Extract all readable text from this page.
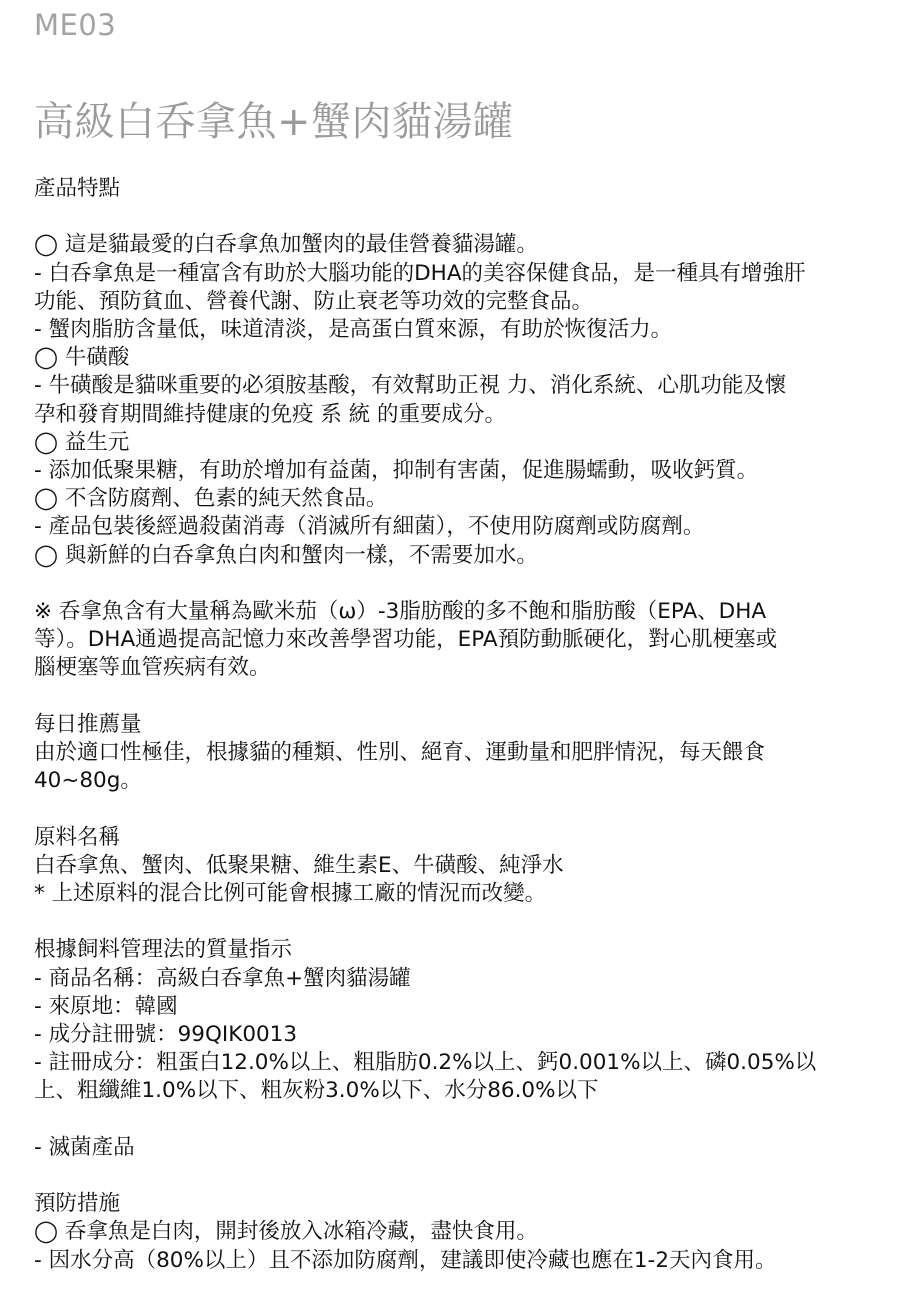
ME03
高級白呑拿魚+蟹肉貓湯罐

產品特點

◯ 這是貓最愛的白呑拿魚加蟹肉的最佳營養貓湯罐。

- 白呑拿魚是一種富含有助於大腦功能的DHA的美容保健食品，是一種具有增強肝

功能、預防貧血、營養代謝、防止衰老等功效的完整食品。

- 蟹肉脂肪含量低，味道清淡，是高蛋白質來源，有助於恢復活力。

◯ 牛磺酸

- 牛磺酸是貓咪重要的必須胺基酸，有效幫助正視 力、消化系統、心肌功能及懷

孕和發育期間維持健康的免疫 系 統 的重要成分。

◯ 益生元

- 添加低聚果糖，有助於增加有益菌，抑制有害菌，促進腸蠕動，吸收鈣質。

◯ 不含防腐劑、色素的純天然食品。

- 產品包裝後經過殺菌消毒（消滅所有細菌），不使用防腐劑或防腐劑。

◯ 與新鮮的白呑拿魚白肉和蟹肉一樣，不需要加水。

※ 呑拿魚含有大量稱為歐米茄（ω）-3脂肪酸的多不飽和脂肪酸（EPA、DHA

等）。DHA通過提高記憶力來改善學習功能，EPA預防動脈硬化，對心肌梗塞或

腦梗塞等血管疾病有效。

每日推薦量

由於適口性極佳，根據貓的種類、性別、絕育、運動量和肥胖情況，每天餵食

40~80g。

原料名稱

白呑拿魚、蟹肉、低聚果糖、維生素E、牛磺酸、純淨水

* 上述原料的混合比例可能會根據工廠的情況而改變。

根據飼料管理法的質量指示

- 商品名稱：高級白呑拿魚+蟹肉貓湯罐

- 來原地：韓國

- 成分註冊號：99QIK0013

- 註冊成分：粗蛋白12.0%以上、粗脂肪0.2%以上、鈣0.001%以上、磷0.05%以

上、粗纖維1.0%以下、粗灰粉3.0%以下、水分86.0%以下

- 滅菌產品

預防措施

◯ 呑拿魚是白肉，開封後放入冰箱冷藏，盡快食用。

- 因水分高（80%以上）且不添加防腐劑，建議即使冷藏也應在1-2天內食用。
